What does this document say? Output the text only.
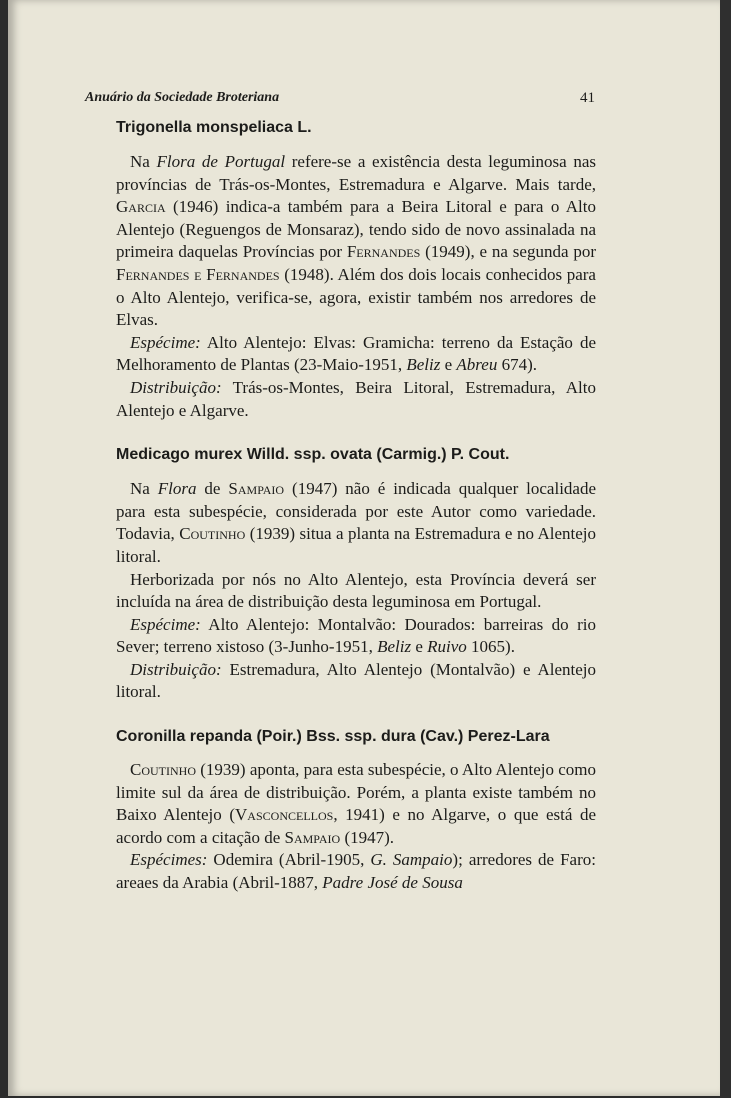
Anuário da Sociedade Broteriana	41
Trigonella monspeliaca L.

Na Flora de Portugal refere-se a existência desta leguminosa nas províncias de Trás-os-Montes, Estremadura e Algarve. Mais tarde, Garcia (1946) indica-a também para a Beira Litoral e para o Alto Alentejo (Reguengos de Monsaraz), tendo sido de novo assinalada na primeira daquelas Províncias por Fernandes (1949), e na segunda por Fernandes e Fernandes (1948). Além dos dois locais conhecidos para o Alto Alentejo, verifica-se, agora, existir também nos arredores de Elvas.

Espécime: Alto Alentejo: Elvas: Gramicha: terreno da Estação de Melhoramento de Plantas (23-Maio-1951, Beliz e Abreu 674).

Distribuição: Trás-os-Montes, Beira Litoral, Estremadura, Alto Alentejo e Algarve.

Medicago murex Willd. ssp. ovata (Carmig.) P. Cout.

Na Flora de Sampaio (1947) não é indicada qualquer localidade para esta subespécie, considerada por este Autor como variedade. Todavia, Coutinho (1939) situa a planta na Estremadura e no Alentejo litoral.

Herborizada por nós no Alto Alentejo, esta Província deverá ser incluída na área de distribuição desta leguminosa em Portugal.

Espécime: Alto Alentejo: Montalvão: Dourados: barreiras do rio Sever; terreno xistoso (3-Junho-1951, Beliz e Ruivo 1065).

Distribuição: Estremadura, Alto Alentejo (Montalvão) e Alentejo litoral.

Coronilla repanda (Poir.) Bss. ssp. dura (Cav.) Perez-Lara

Coutinho (1939) aponta, para esta subespécie, o Alto Alentejo como limite sul da área de distribuição. Porém, a planta existe também no Baixo Alentejo (Vasconcellos, 1941) e no Algarve, o que está de acordo com a citação de Sampaio (1947).

Espécimes: Odemira (Abril-1905, G. Sampaio); arredores de Faro: areaes da Arabia (Abril-1887, Padre José de Sousa
